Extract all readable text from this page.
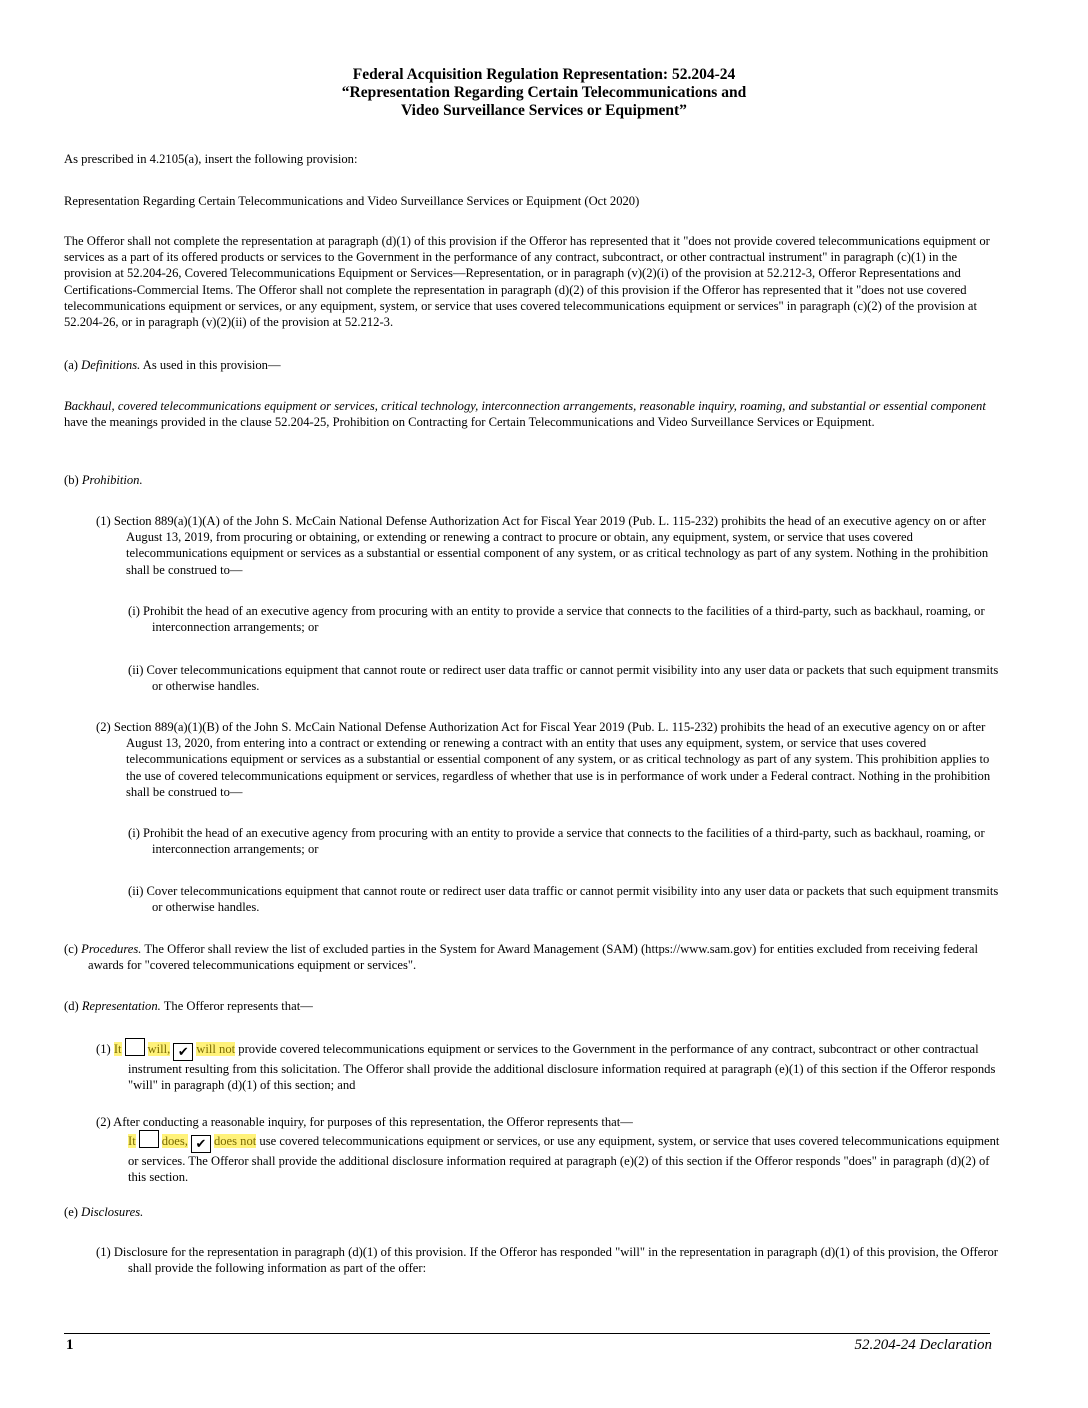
Federal Acquisition Regulation Representation: 52.204-24
“Representation Regarding Certain Telecommunications and
Video Surveillance Services or Equipment”

As prescribed in 4.2105(a), insert the following provision:

Representation Regarding Certain Telecommunications and Video Surveillance Services or Equipment (Oct 2020)

The Offeror shall not complete the representation at paragraph (d)(1) of this provision if the Offeror has represented that it "does not provide covered telecommunications equipment or services as a part of its offered products or services to the Government in the performance of any contract, subcontract, or other contractual instrument" in paragraph (c)(1) in the provision at 52.204-26, Covered Telecommunications Equipment or Services—Representation, or in paragraph (v)(2)(i) of the provision at 52.212-3, Offeror Representations and Certifications-Commercial Items. The Offeror shall not complete the representation in paragraph (d)(2) of this provision if the Offeror has represented that it "does not use covered telecommunications equipment or services, or any equipment, system, or service that uses covered telecommunications equipment or services" in paragraph (c)(2) of the provision at 52.204-26, or in paragraph (v)(2)(ii) of the provision at 52.212-3.

(a) Definitions. As used in this provision—

Backhaul, covered telecommunications equipment or services, critical technology, interconnection arrangements, reasonable inquiry, roaming, and substantial or essential component have the meanings provided in the clause 52.204-25, Prohibition on Contracting for Certain Telecommunications and Video Surveillance Services or Equipment.

(b) Prohibition.

(1) Section 889(a)(1)(A) of the John S. McCain National Defense Authorization Act for Fiscal Year 2019 (Pub. L. 115-232) prohibits the head of an executive agency on or after August 13, 2019, from procuring or obtaining, or extending or renewing a contract to procure or obtain, any equipment, system, or service that uses covered telecommunications equipment or services as a substantial or essential component of any system, or as critical technology as part of any system. Nothing in the prohibition shall be construed to—

(i) Prohibit the head of an executive agency from procuring with an entity to provide a service that connects to the facilities of a third-party, such as backhaul, roaming, or interconnection arrangements; or

(ii) Cover telecommunications equipment that cannot route or redirect user data traffic or cannot permit visibility into any user data or packets that such equipment transmits or otherwise handles.

(2) Section 889(a)(1)(B) of the John S. McCain National Defense Authorization Act for Fiscal Year 2019 (Pub. L. 115-232) prohibits the head of an executive agency on or after August 13, 2020, from entering into a contract or extending or renewing a contract with an entity that uses any equipment, system, or service that uses covered telecommunications equipment or services as a substantial or essential component of any system, or as critical technology as part of any system. This prohibition applies to the use of covered telecommunications equipment or services, regardless of whether that use is in performance of work under a Federal contract. Nothing in the prohibition shall be construed to—

(i) Prohibit the head of an executive agency from procuring with an entity to provide a service that connects to the facilities of a third-party, such as backhaul, roaming, or interconnection arrangements; or

(ii) Cover telecommunications equipment that cannot route or redirect user data traffic or cannot permit visibility into any user data or packets that such equipment transmits or otherwise handles.

(c) Procedures. The Offeror shall review the list of excluded parties in the System for Award Management (SAM) (https://www.sam.gov) for entities excluded from receiving federal awards for "covered telecommunications equipment or services".

(d) Representation. The Offeror represents that—

(1) It will, ✔ will not provide covered telecommunications equipment or services to the Government in the performance of any contract, subcontract or other contractual instrument resulting from this solicitation. The Offeror shall provide the additional disclosure information required at paragraph (e)(1) of this section if the Offeror responds "will" in paragraph (d)(1) of this section; and

(2) After conducting a reasonable inquiry, for purposes of this representation, the Offeror represents that—
It does, ✔ does not use covered telecommunications equipment or services, or use any equipment, system, or service that uses covered telecommunications equipment or services. The Offeror shall provide the additional disclosure information required at paragraph (e)(2) of this section if the Offeror responds "does" in paragraph (d)(2) of this section.

(e) Disclosures.

(1) Disclosure for the representation in paragraph (d)(1) of this provision. If the Offeror has responded "will" in the representation in paragraph (d)(1) of this provision, the Offeror shall provide the following information as part of the offer:

1	52.204-24 Declaration
